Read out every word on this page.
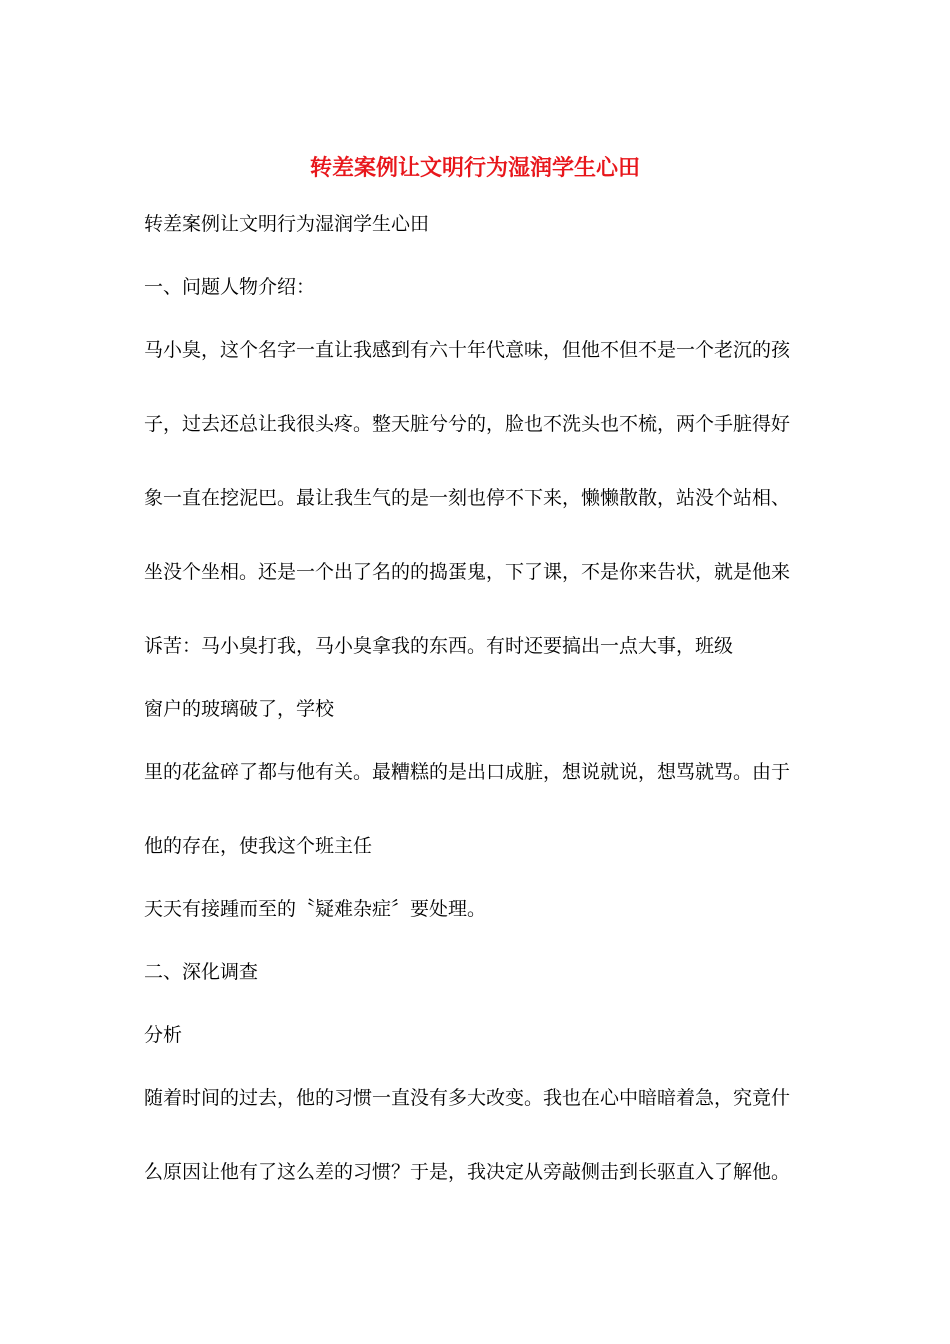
转差案例让文明行为湿润学生心田
转差案例让文明行为湿润学生心田
一、问题人物介绍：
马小臭，这个名字一直让我感到有六十年代意味，但他不但不是一个老沉的孩
子，过去还总让我很头疼。整天脏兮兮的，脸也不洗头也不梳，两个手脏得好
象一直在挖泥巴。最让我生气的是一刻也停不下来，懒懒散散，站没个站相、
坐没个坐相。还是一个出了名的的捣蛋鬼，下了课，不是你来告状，就是他来
诉苦：马小臭打我，马小臭拿我的东西。有时还要搞出一点大事，班级
窗户的玻璃破了，学校
里的花盆碎了都与他有关。最糟糕的是出口成脏，想说就说，想骂就骂。由于
他的存在，使我这个班主任
天天有接踵而至的〝疑难杂症〞要处理。
二、深化调查
分析
随着时间的过去，他的习惯一直没有多大改变。我也在心中暗暗着急，究竟什
么原因让他有了这么差的习惯？于是，我决定从旁敲侧击到长驱直入了解他。
